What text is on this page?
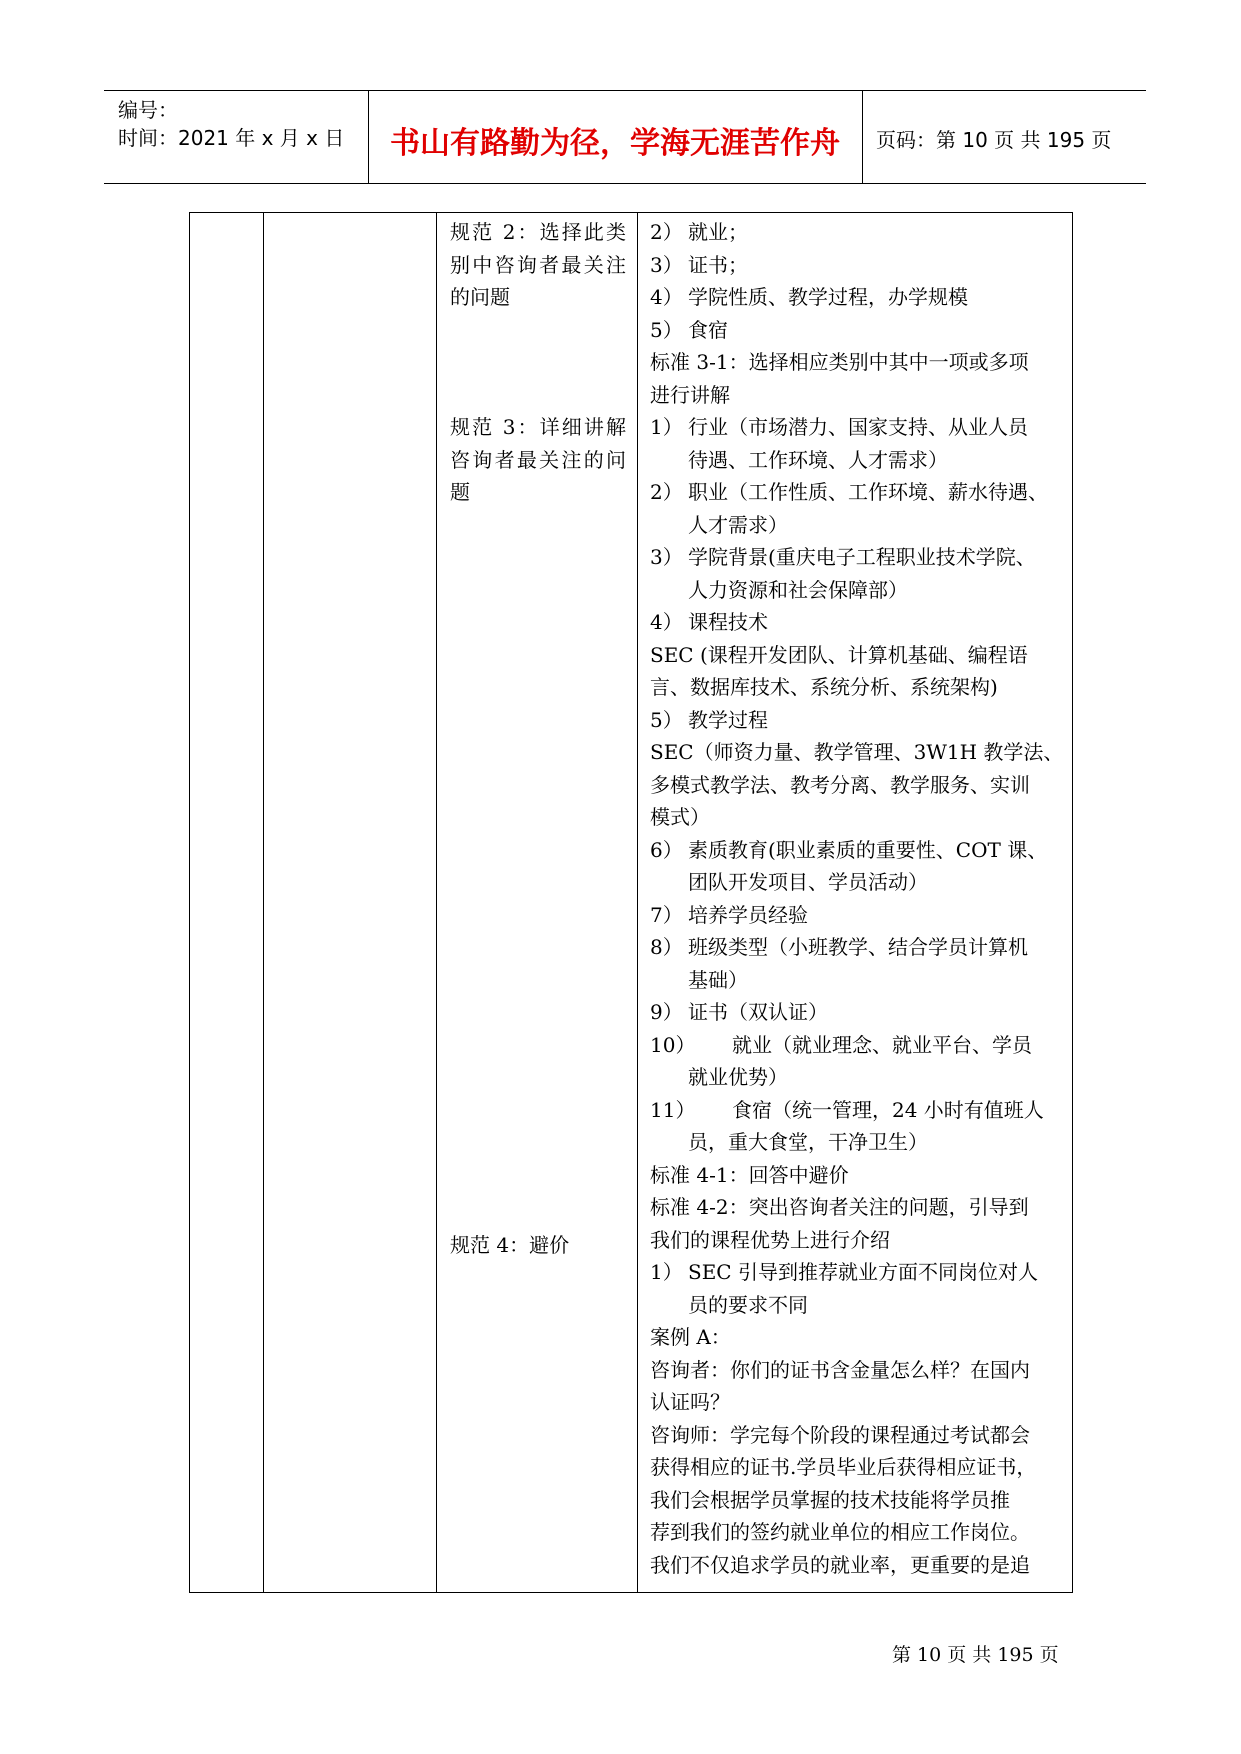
编号：
时间：2021 年 x 月 x 日 书山有路勤为径，学海无涯苦作舟 页码：第 10 页 共 195 页
规范 2：选择此类
别中咨询者最关注
的问题
规范 3：详细讲解
咨询者最关注的问
题
规范 4：避价
2） 就业；
3） 证书；
4） 学院性质、教学过程，办学规模
5） 食宿
标准 3-1：选择相应类别中其中一项或多项
进行讲解
1） 行业（市场潜力、国家支持、从业人员
待遇、工作环境、人才需求）
2） 职业（工作性质、工作环境、薪水待遇、
人才需求）
3） 学院背景(重庆电子工程职业技术学院、
人力资源和社会保障部）
4） 课程技术
SEC (课程开发团队、计算机基础、编程语
言、数据库技术、系统分析、系统架构)
5） 教学过程
SEC（师资力量、教学管理、3W1H 教学法、
多模式教学法、教考分离、教学服务、实训
模式）
6） 素质教育(职业素质的重要性、COT 课、
团队开发项目、学员活动）
7） 培养学员经验
8） 班级类型（小班教学、结合学员计算机
基础）
9） 证书（双认证）
10）	就业（就业理念、就业平台、学员
就业优势）
11）	食宿（统一管理，24 小时有值班人
员，重大食堂，干净卫生）
标准 4-1：回答中避价
标准 4-2：突出咨询者关注的问题，引导到
我们的课程优势上进行介绍
1） SEC 引导到推荐就业方面不同岗位对人
员的要求不同
案例 A：
咨询者：你们的证书含金量怎么样？在国内
认证吗？
咨询师：学完每个阶段的课程通过考试都会
获得相应的证书.学员毕业后获得相应证书，
我们会根据学员掌握的技术技能将学员推
荐到我们的签约就业单位的相应工作岗位。
我们不仅追求学员的就业率，更重要的是追
第 10 页 共 195 页
